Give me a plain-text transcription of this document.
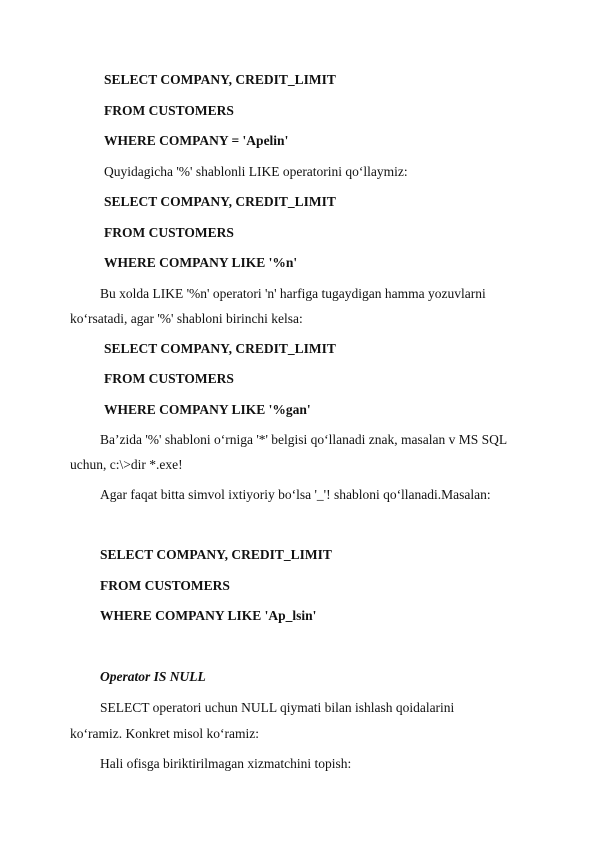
SELECT COMPANY, CREDIT_LIMIT
FROM CUSTOMERS
WHERE COMPANY = 'Apelin'
Quyidagicha '%' shablonli LIKE operatorini qo‘llaymiz:
SELECT COMPANY, CREDIT_LIMIT
FROM CUSTOMERS
WHERE COMPANY LIKE '%n'
Bu xolda LIKE '%n' operatori 'n' harfiga tugaydigan hamma yozuvlarni
ko‘rsatadi, agar '%' shabloni birinchi kelsa:
SELECT COMPANY, CREDIT_LIMIT
FROM CUSTOMERS
WHERE COMPANY LIKE '%gan'
Ba’zida '%' shabloni o‘rniga '*' belgisi qo‘llanadi znak, masalan v MS SQL
uchun, c:\>dir *.exe!
Agar faqat bitta simvol ixtiyoriy bo‘lsa '_'! shabloni qo‘llanadi.Masalan:
SELECT COMPANY, CREDIT_LIMIT
FROM CUSTOMERS
WHERE COMPANY LIKE 'Ap_lsin'
Operator IS NULL
SELECT operatori uchun NULL qiymati bilan ishlash qoidalarini
ko‘ramiz. Konkret misol ko‘ramiz:
Hali ofisga biriktirilmagan xizmatchini topish:
